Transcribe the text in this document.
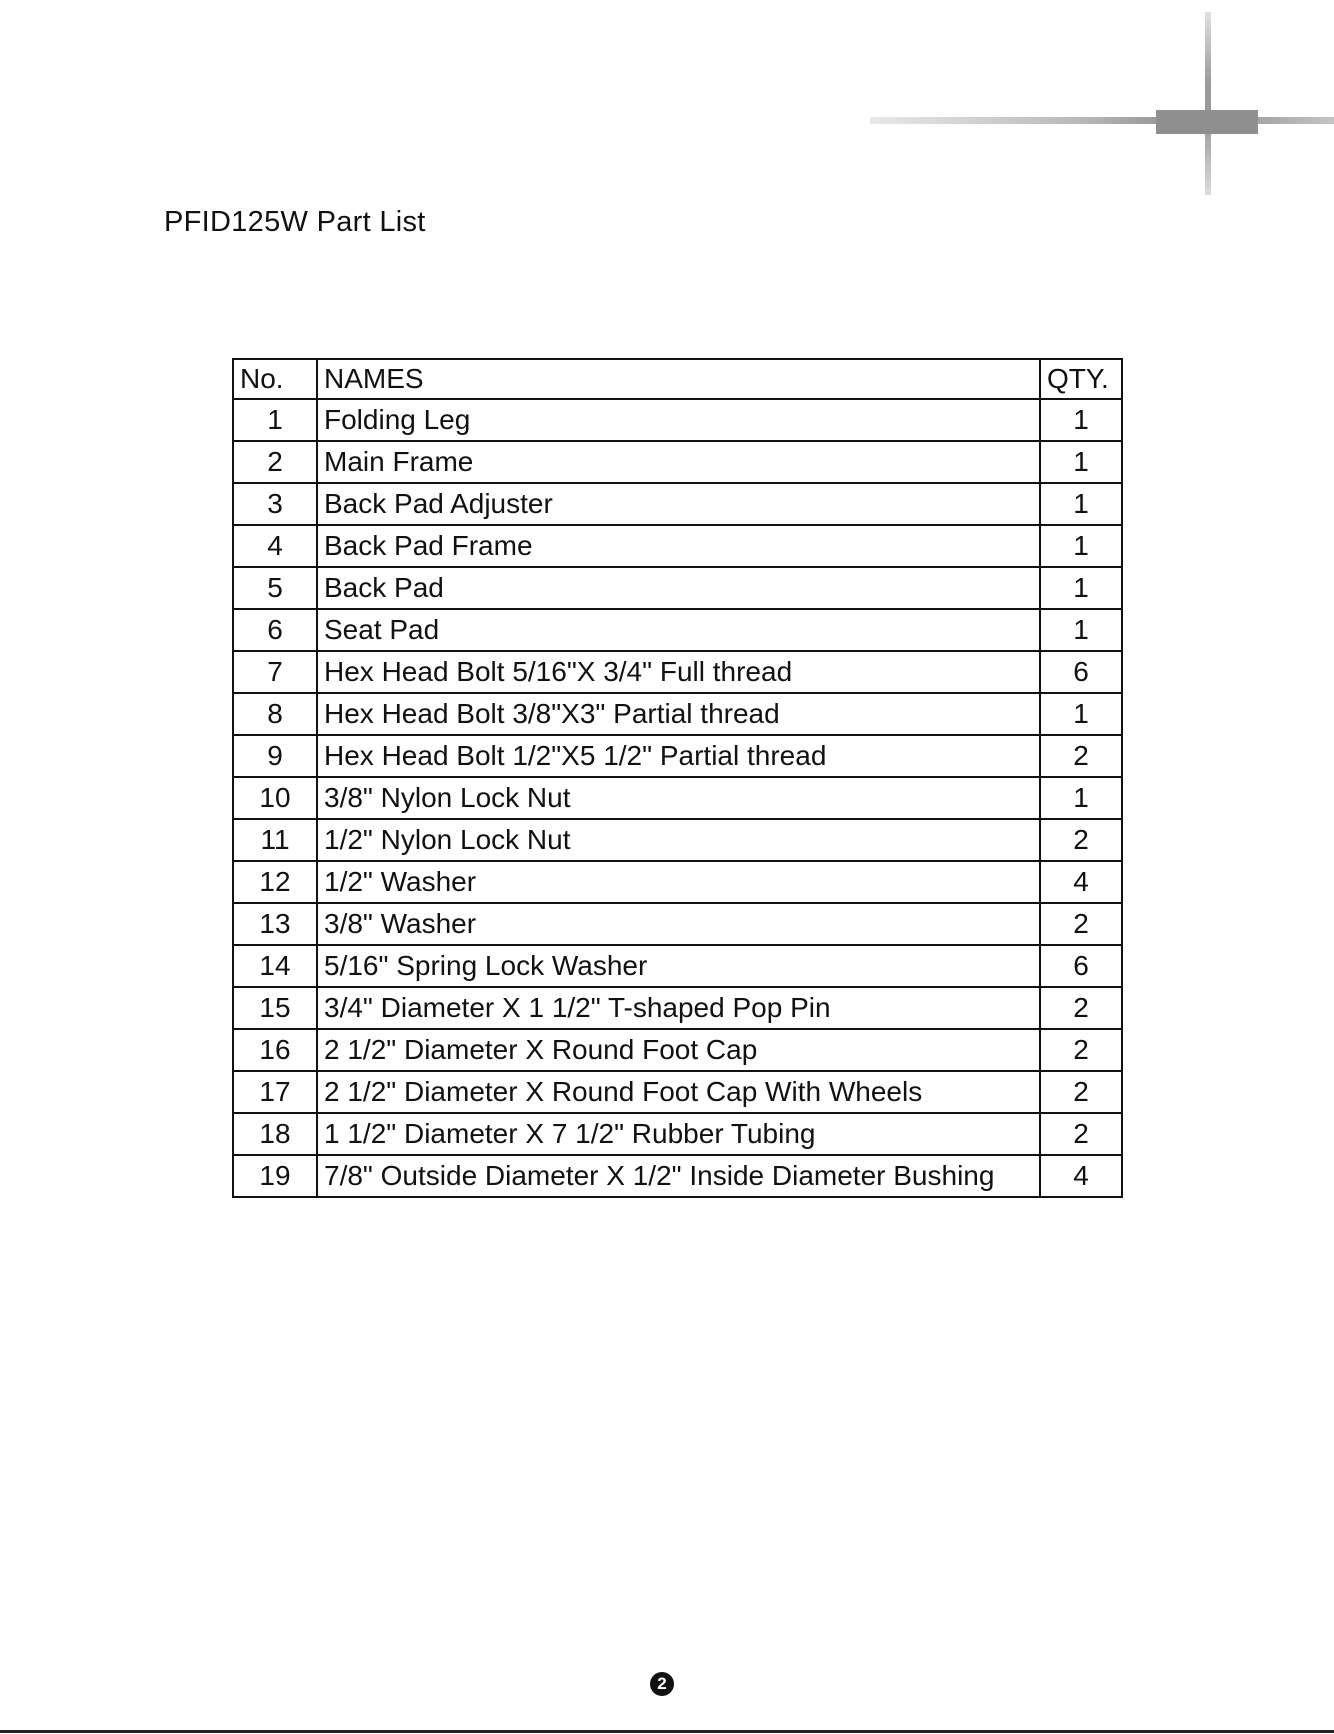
PFID125W Part List
No.	NAMES	QTY.
1	Folding Leg	1
2	Main Frame	1
3	Back Pad Adjuster	1
4	Back Pad Frame	1
5	Back Pad	1
6	Seat Pad	1
7	Hex Head Bolt 5/16"X 3/4" Full thread	6
8	Hex Head Bolt 3/8"X3" Partial thread	1
9	Hex Head Bolt 1/2"X5 1/2" Partial thread	2
10	3/8" Nylon Lock Nut	1
11	1/2" Nylon Lock Nut	2
12	1/2" Washer	4
13	3/8" Washer	2
14	5/16" Spring Lock Washer	6
15	3/4" Diameter X 1 1/2" T-shaped Pop Pin	2
16	2 1/2" Diameter X Round Foot Cap	2
17	2 1/2" Diameter X Round Foot Cap With Wheels	2
18	1 1/2" Diameter X 7 1/2" Rubber Tubing	2
19	7/8" Outside Diameter X 1/2" Inside Diameter Bushing	4
2
